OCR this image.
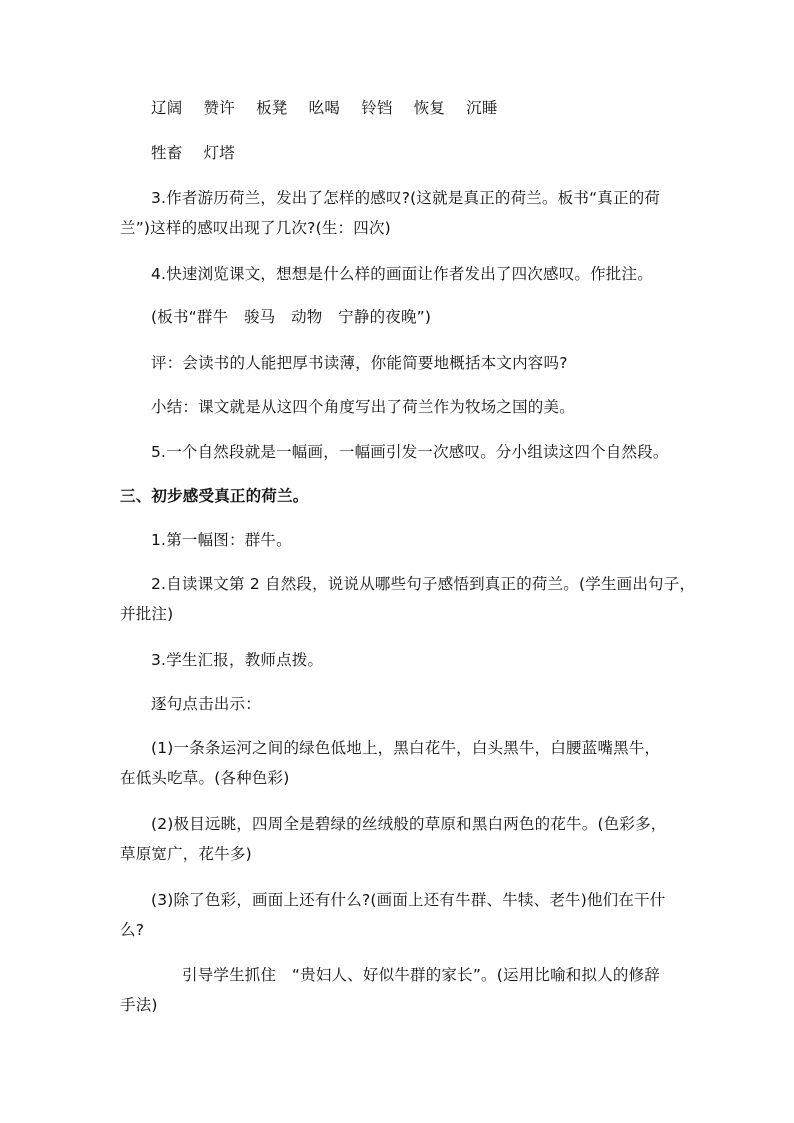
辽阔 赞许 板凳 吆喝 铃铛 恢复 沉睡
牲畜 灯塔
3.作者游历荷兰，发出了怎样的感叹?(这就是真正的荷兰。板书“真正的荷
兰”)这样的感叹出现了几次?(生：四次)
4.快速浏览课文，想想是什么样的画面让作者发出了四次感叹。作批注。
(板书“群牛　骏马　动物　宁静的夜晚”)
评：会读书的人能把厚书读薄，你能简要地概括本文内容吗?
小结：课文就是从这四个角度写出了荷兰作为牧场之国的美。
5.一个自然段就是一幅画，一幅画引发一次感叹。分小组读这四个自然段。
三、初步感受真正的荷兰。
1.第一幅图：群牛。
2.自读课文第 2 自然段，说说从哪些句子感悟到真正的荷兰。(学生画出句子，
并批注)
3.学生汇报，教师点拨。
逐句点击出示：
(1)一条条运河之间的绿色低地上，黑白花牛，白头黑牛，白腰蓝嘴黑牛，
在低头吃草。(各种色彩)
(2)极目远眺，四周全是碧绿的丝绒般的草原和黑白两色的花牛。(色彩多，
草原宽广，花牛多)
(3)除了色彩，画面上还有什么?(画面上还有牛群、牛犊、老牛)他们在干什
么?
引导学生抓住　“贵妇人、好似牛群的家长”。(运用比喻和拟人的修辞
手法)
